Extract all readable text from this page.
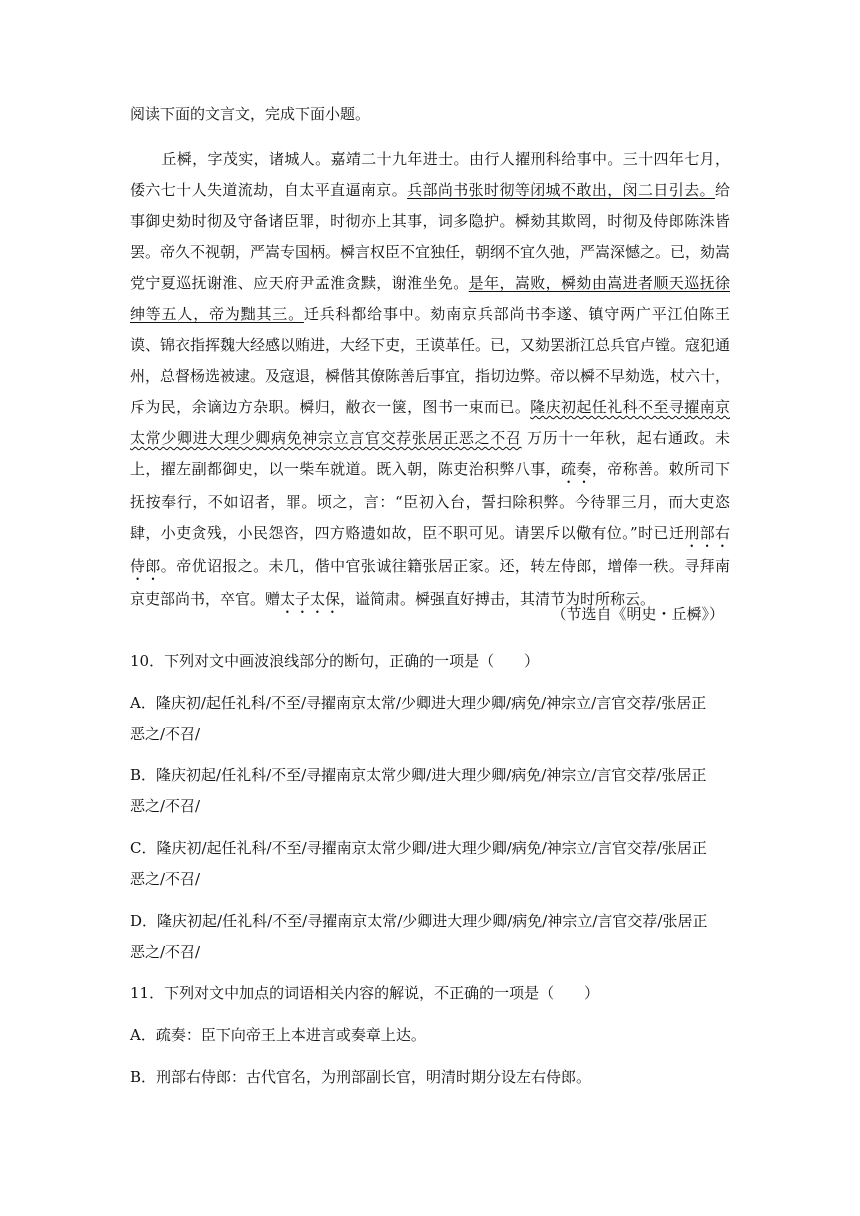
阅读下面的文言文，完成下面小题。
丘橓，字茂实，诸城人。嘉靖二十九年进士。由行人擢刑科给事中。三十四年七月，倭六七十人失道流劫，自太平直逼南京。兵部尚书张时彻等闭城不敢出，闵二日引去。给事御史劾时彻及守备诸臣罪，时彻亦上其事，词多隐护。橓劾其欺罔，时彻及侍郎陈洙皆罢。帝久不视朝，严嵩专国柄。橓言权臣不宜独任，朝纲不宜久弛，严嵩深憾之。已，劾嵩党宁夏巡抚谢淮、应天府尹孟淮贪黩，谢淮坐免。是年，嵩败，橓劾由嵩进者顺天巡抚徐绅等五人，帝为黜其三。迁兵科都给事中。劾南京兵部尚书李遂、镇守两广平江伯陈王谟、锦衣指挥魏大经感以贿进，大经下吏，王谟革任。已，又劾罢浙江总兵官卢镗。寇犯通州，总督杨选被逮。及寇退，橓偕其僚陈善后事宜，指切边弊。帝以橓不早劾选，杖六十，斥为民，余谪边方杂职。橓归，敝衣一箧，图书一束而已。隆庆初起任礼科不至寻擢南京太常少卿进大理少卿病免神宗立言官交荐张居正恶之不召 万历十一年秋，起右通政。未上，擢左副都御史，以一柴车就道。既入朝，陈吏治积弊八事，疏奏，帝称善。敕所司下抚按奉行，不如诏者，罪。顷之，言：“臣初入台，誓扫除积弊。今待罪三月，而大吏恣肆，小吏贪残，小民怨咨，四方赂遗如故，臣不职可见。请罢斥以儆有位。”时已迁刑部右侍郎。帝优诏报之。未几，偕中官张诚往籍张居正家。还，转左侍郎，增俸一秩。寻拜南京吏部尚书，卒官。赠太子太保，谥简肃。橓强直好搏击，其清节为时所称云。
（节选自《明史・丘橓》）
10．下列对文中画波浪线部分的断句，正确的一项是（　　）
A．隆庆初/起任礼科/不至/寻擢南京太常/少卿进大理少卿/病免/神宗立/言官交荐/张居正
恶之/不召/
B．隆庆初起/任礼科/不至/寻擢南京太常少卿/进大理少卿/病免/神宗立/言官交荐/张居正
恶之/不召/
C．隆庆初/起任礼科/不至/寻擢南京太常少卿/进大理少卿/病免/神宗立/言官交荐/张居正
恶之/不召/
D．隆庆初起/任礼科/不至/寻擢南京太常/少卿进大理少卿/病免/神宗立/言官交荐/张居正
恶之/不召/
11．下列对文中加点的词语相关内容的解说，不正确的一项是（　　）
A．疏奏：臣下向帝王上本进言或奏章上达。
B．刑部右侍郎：古代官名，为刑部副长官，明清时期分设左右侍郎。
